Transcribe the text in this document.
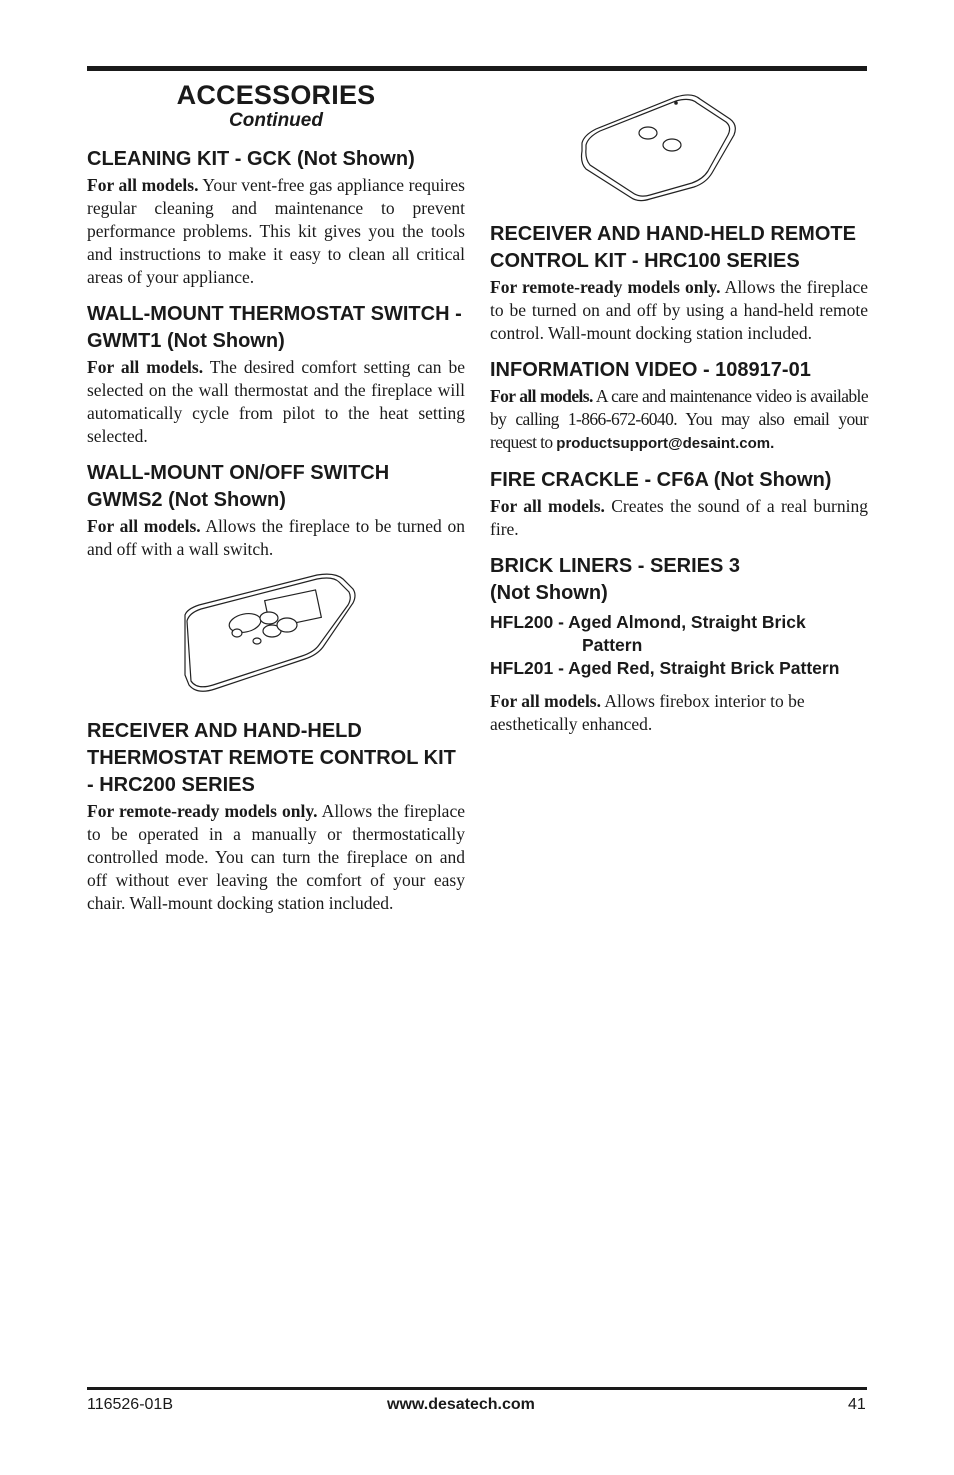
ACCESSORIES
Continued
CLEANING KIT - GCK (Not Shown)

For all models. Your vent-free gas appliance requires regular cleaning and maintenance to prevent performance problems. This kit gives you the tools and instructions to make it easy to clean all critical areas of your appliance.

WALL-MOUNT THERMOSTAT SWITCH - GWMT1 (Not Shown)

For all models. The desired comfort setting can be selected on the wall thermostat and the fireplace will automatically cycle from pilot to the heat setting selected.

WALL-MOUNT ON/OFF SWITCH GWMS2 (Not Shown)

For all models. Allows the fireplace to be turned on and off with a wall switch.

RECEIVER AND HAND-HELD THERMOSTAT REMOTE CONTROL KIT - HRC200 SERIES

For remote-ready models only. Allows the fireplace to be operated in a manually or thermostatically controlled mode. You can turn the fireplace on and off without ever leaving the comfort of your easy chair. Wall-mount docking station included.

RECEIVER AND HAND-HELD REMOTE CONTROL KIT - HRC100 SERIES

For remote-ready models only. Allows the fireplace to be turned on and off by using a hand-held remote control. Wall-mount docking station included.

INFORMATION VIDEO - 108917-01

For all models. A care and maintenance video is available by calling 1-866-672-6040. You may also email your request to productsupport@desaint.com.

FIRE CRACKLE - CF6A (Not Shown)

For all models. Creates the sound of a real burning fire.

BRICK LINERS - SERIES 3
(Not Shown)
HFL200 - Aged Almond, Straight Brick
Pattern
HFL201 - Aged Red, Straight Brick Pattern

For all models. Allows firebox interior to be aesthetically enhanced.

116526-01B	www.desatech.com	41
